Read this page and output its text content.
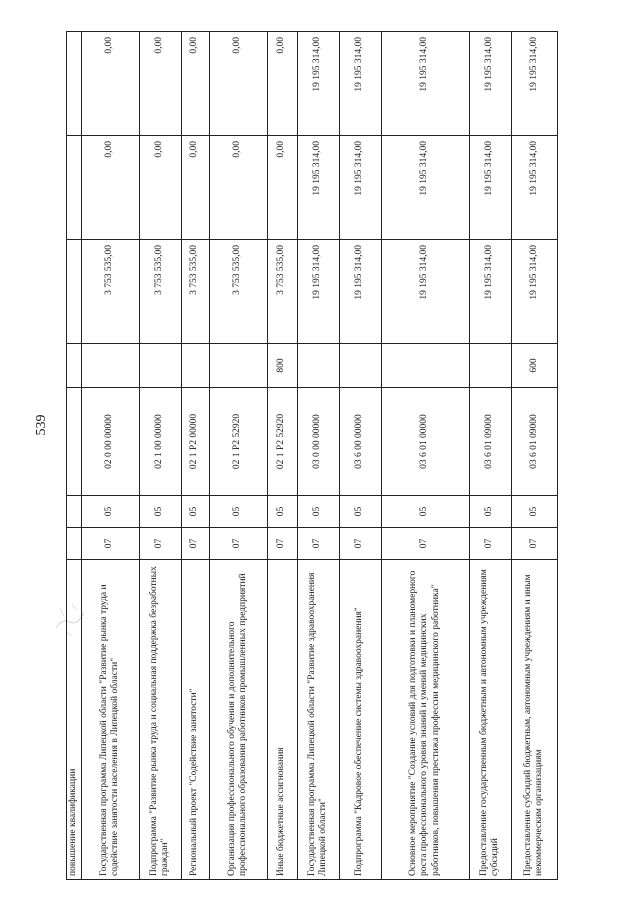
539
повышение квалификации							
Государственная программа Липецкой области "Развитие рынка труда и содействие занятости населения в Липецкой области"	07	05	02 0 00 00000		3 753 535,00	0,00	0,00
Подпрограмма "Развитие рынка труда и социальная поддержка безработных граждан"	07	05	02 1 00 00000		3 753 535,00	0,00	0,00
Региональный проект "Содействие занятости"	07	05	02 1 P2 00000		3 753 535,00	0,00	0,00
Организация профессионального обучения и дополнительного профессионального образования работников промышленных предприятий	07	05	02 1 P2 52920		3 753 535,00	0,00	0,00
Иные бюджетные ассигнования	07	05	02 1 P2 52920	800	3 753 535,00	0,00	0,00
Государственная программа Липецкой области "Развитие здравоохранения Липецкой области"	07	05	03 0 00 00000		19 195 314,00	19 195 314,00	19 195 314,00
Подпрограмма "Кадровое обеспечение системы здравоохранения"	07	05	03 6 00 00000		19 195 314,00	19 195 314,00	19 195 314,00
Основное мероприятие "Создание условий для подготовки и планомерного роста профессионального уровня знаний и умений медицинских работников, повышения престижа профессии медицинского работника"	07	05	03 6 01 00000		19 195 314,00	19 195 314,00	19 195 314,00
Предоставление государственным бюджетным и автономным учреждениям субсидий	07	05	03 6 01 09000		19 195 314,00	19 195 314,00	19 195 314,00
Предоставление субсидий бюджетным, автономным учреждениям и иным некоммерческим организациям	07	05	03 6 01 09000	600	19 195 314,00	19 195 314,00	19 195 314,00
